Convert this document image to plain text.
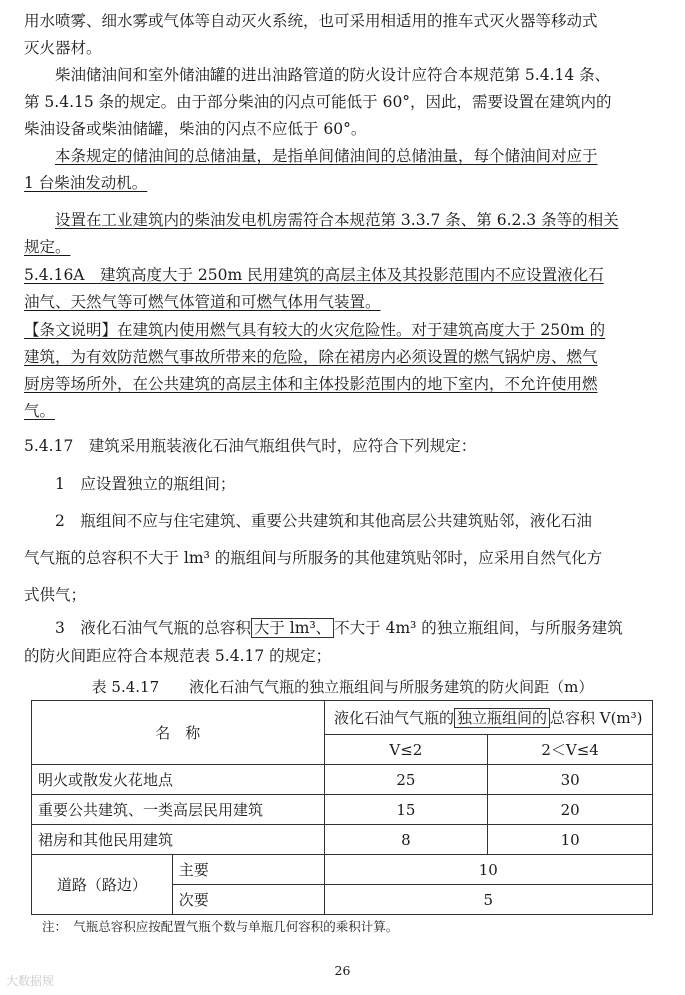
用水喷雾、细水雾或气体等自动灭火系统，也可采用相适用的推车式灭火器等移动式
灭火器材。
柴油储油间和室外储油罐的进出油路管道的防火设计应符合本规范第 5.4.14 条、
第 5.4.15 条的规定。由于部分柴油的闪点可能低于 60°，因此，需要设置在建筑内的
柴油设备或柴油储罐，柴油的闪点不应低于 60°。
本条规定的储油间的总储油量，是指单间储油间的总储油量，每个储油间对应于
1 台柴油发动机。
设置在工业建筑内的柴油发电机房需符合本规范第 3.3.7 条、第 6.2.3 条等的相关
规定。
5.4.16A　建筑高度大于 250m 民用建筑的高层主体及其投影范围内不应设置液化石
油气、天然气等可燃气体管道和可燃气体用气装置。
【条文说明】在建筑内使用燃气具有较大的火灾危险性。对于建筑高度大于 250m 的
建筑，为有效防范燃气事故所带来的危险，除在裙房内必须设置的燃气锅炉房、燃气
厨房等场所外，在公共建筑的高层主体和主体投影范围内的地下室内，不允许使用燃
气。
5.4.17　建筑采用瓶装液化石油气瓶组供气时，应符合下列规定：
1　应设置独立的瓶组间；
2　瓶组间不应与住宅建筑、重要公共建筑和其他高层公共建筑贴邻，液化石油
气气瓶的总容积不大于 lm³ 的瓶组间与所服务的其他建筑贴邻时，应采用自然气化方
式供气；
3　液化石油气气瓶的总容积 大于 lm³、 不大于 4m³ 的独立瓶组间，与所服务建筑
的防火间距应符合本规范表 5.4.17 的规定；
表 5.4.17　　液化石油气气瓶的独立瓶组间与所服务建筑的防火间距（m）
名　称		液化石油气气瓶的 独立瓶组间的 总容积 V(m³)	
		V≤2	2＜V≤4
明火或散发火花地点		25	30
重要公共建筑、一类高层民用建筑		15	20
裙房和其他民用建筑		8	10
道路（路边）	主要	10	
	次要	5	
注：　气瓶总容积应按配置气瓶个数与单瓶几何容积的乘积计算。
26
大数据规
